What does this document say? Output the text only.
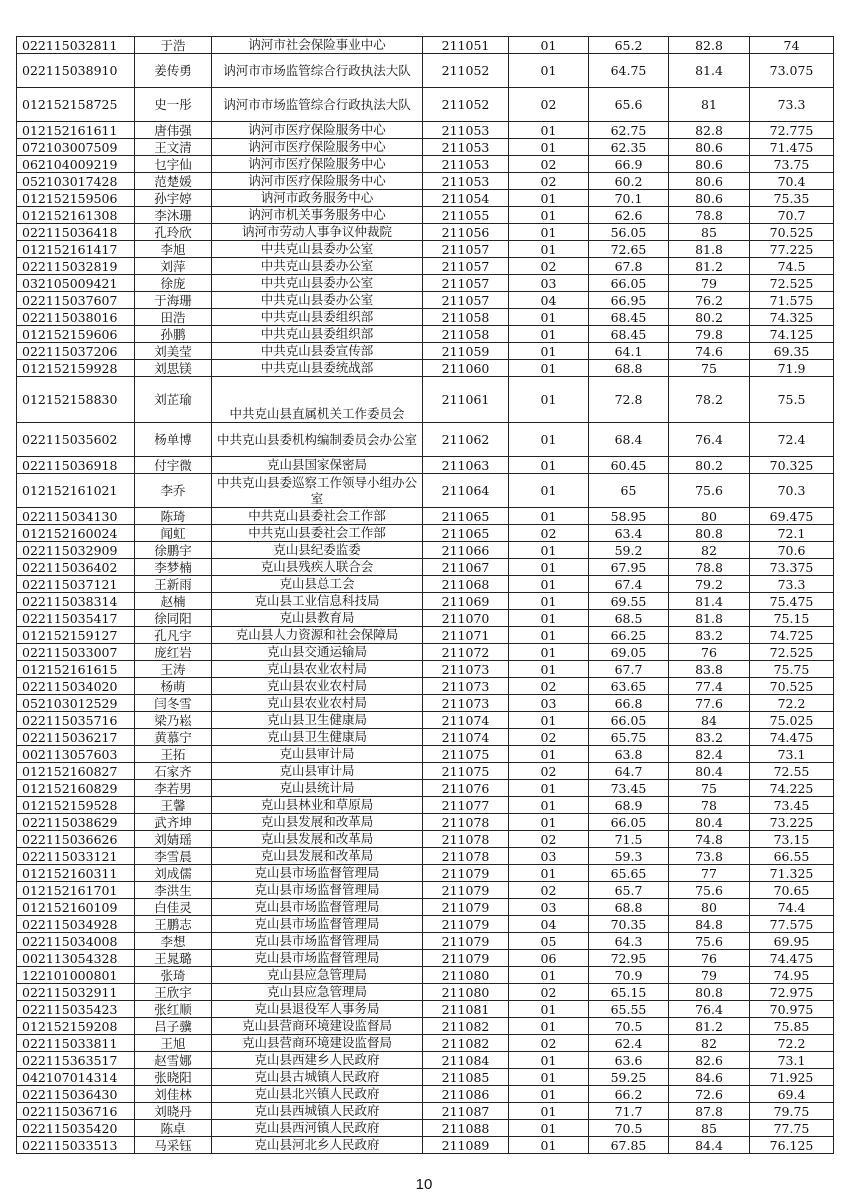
022115032811	于浩	讷河市社会保险事业中心	211051	01	65.2	82.8	74
022115038910	姜传勇	讷河市市场监管综合行政执法大队	211052	01	64.75	81.4	73.075
012152158725	史一彤	讷河市市场监管综合行政执法大队	211052	02	65.6	81	73.3
012152161611	唐伟强	讷河市医疗保险服务中心	211053	01	62.75	82.8	72.775
072103007509	王文清	讷河市医疗保险服务中心	211053	01	62.35	80.6	71.475
062104009219	乜宇仙	讷河市医疗保险服务中心	211053	02	66.9	80.6	73.75
052103017428	范楚媛	讷河市医疗保险服务中心	211053	02	60.2	80.6	70.4
012152159506	孙宇婷	讷河市政务服务中心	211054	01	70.1	80.6	75.35
012152161308	李沐珊	讷河市机关事务服务中心	211055	01	62.6	78.8	70.7
022115036418	孔玲欣	讷河市劳动人事争议仲裁院	211056	01	56.05	85	70.525
012152161417	李旭	中共克山县委办公室	211057	01	72.65	81.8	77.225
022115032819	刘萍	中共克山县委办公室	211057	02	67.8	81.2	74.5
032105009421	徐庞	中共克山县委办公室	211057	03	66.05	79	72.525
022115037607	于海珊	中共克山县委办公室	211057	04	66.95	76.2	71.575
022115038016	田浩	中共克山县委组织部	211058	01	68.45	80.2	74.325
012152159606	孙鹏	中共克山县委组织部	211058	01	68.45	79.8	74.125
022115037206	刘美莹	中共克山县委宣传部	211059	01	64.1	74.6	69.35
012152159928	刘思镁	中共克山县委统战部	211060	01	68.8	75	71.9
012152158830	刘芷瑜	中共克山县直属机关工作委员会	211061	01	72.8	78.2	75.5
022115035602	杨单博	中共克山县委机构编制委员会办公室	211062	01	68.4	76.4	72.4
022115036918	付宇微	克山县国家保密局	211063	01	60.45	80.2	70.325
012152161021	李乔	中共克山县委巡察工作领导小组办公室	211064	01	65	75.6	70.3
022115034130	陈琦	中共克山县委社会工作部	211065	01	58.95	80	69.475
012152160024	闻虹	中共克山县委社会工作部	211065	02	63.4	80.8	72.1
022115032909	徐鹏宇	克山县纪委监委	211066	01	59.2	82	70.6
022115036402	李梦楠	克山县残疾人联合会	211067	01	67.95	78.8	73.375
022115037121	王新雨	克山县总工会	211068	01	67.4	79.2	73.3
022115038314	赵楠	克山县工业信息科技局	211069	01	69.55	81.4	75.475
022115035417	徐同阳	克山县教育局	211070	01	68.5	81.8	75.15
012152159127	孔凡宇	克山县人力资源和社会保障局	211071	01	66.25	83.2	74.725
022115033007	庞红岩	克山县交通运输局	211072	01	69.05	76	72.525
012152161615	王涛	克山县农业农村局	211073	01	67.7	83.8	75.75
022115034020	杨萌	克山县农业农村局	211073	02	63.65	77.4	70.525
052103012529	闫冬雪	克山县农业农村局	211073	03	66.8	77.6	72.2
022115035716	梁乃崧	克山县卫生健康局	211074	01	66.05	84	75.025
022115036217	黄慕宁	克山县卫生健康局	211074	02	65.75	83.2	74.475
002113057603	王拓	克山县审计局	211075	01	63.8	82.4	73.1
012152160827	石家齐	克山县审计局	211075	02	64.7	80.4	72.55
012152160829	李若男	克山县统计局	211076	01	73.45	75	74.225
012152159528	王馨	克山县林业和草原局	211077	01	68.9	78	73.45
022115038629	武齐坤	克山县发展和改革局	211078	01	66.05	80.4	73.225
022115036626	刘婧瑶	克山县发展和改革局	211078	02	71.5	74.8	73.15
022115033121	李雪晨	克山县发展和改革局	211078	03	59.3	73.8	66.55
012152160311	刘成儒	克山县市场监督管理局	211079	01	65.65	77	71.325
012152161701	李洪生	克山县市场监督管理局	211079	02	65.7	75.6	70.65
012152160109	白佳灵	克山县市场监督管理局	211079	03	68.8	80	74.4
022115034928	王鹏志	克山县市场监督管理局	211079	04	70.35	84.8	77.575
022115034008	李想	克山县市场监督管理局	211079	05	64.3	75.6	69.95
002113054328	王晁璐	克山县市场监督管理局	211079	06	72.95	76	74.475
122101000801	张琦	克山县应急管理局	211080	01	70.9	79	74.95
022115032911	王欣宇	克山县应急管理局	211080	02	65.15	80.8	72.975
022115035423	张红顺	克山县退役军人事务局	211081	01	65.55	76.4	70.975
012152159208	吕子骥	克山县营商环境建设监督局	211082	01	70.5	81.2	75.85
022115033811	王旭	克山县营商环境建设监督局	211082	02	62.4	82	72.2
022115363517	赵雪娜	克山县西建乡人民政府	211084	01	63.6	82.6	73.1
042107014314	张晓阳	克山县古城镇人民政府	211085	01	59.25	84.6	71.925
022115036430	刘佳林	克山县北兴镇人民政府	211086	01	66.2	72.6	69.4
022115036716	刘晓丹	克山县西城镇人民政府	211087	01	71.7	87.8	79.75
022115035420	陈卓	克山县西河镇人民政府	211088	01	70.5	85	77.75
022115033513	马采钰	克山县河北乡人民政府	211089	01	67.85	84.4	76.125
10
